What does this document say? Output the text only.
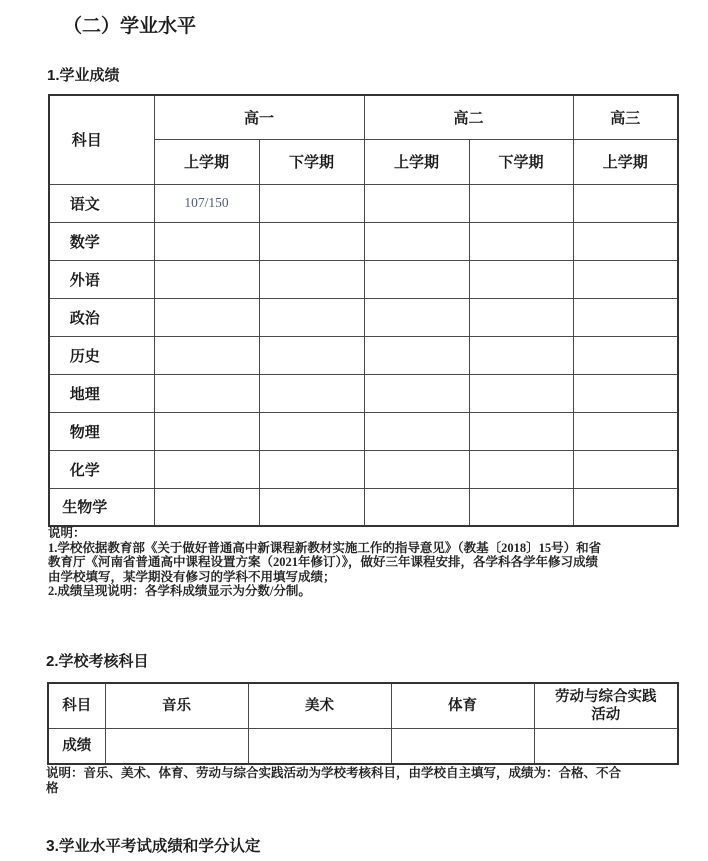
（二）学业水平
1.学业成绩
科目	高一		高二		高三
	上学期	下学期	上学期	下学期	上学期
语文	107/150				
数学					
外语					
政治					
历史					
地理					
物理					
化学					
生物学					
说明：
1.学校依据教育部《关于做好普通高中新课程新教材实施工作的指导意见》（教基〔2018〕15号）和省
教育厅《河南省普通高中课程设置方案（2021年修订）》，做好三年课程安排，各学科各学年修习成绩
由学校填写，某学期没有修习的学科不用填写成绩；
2.成绩呈现说明：各学科成绩显示为分数/分制。
2.学校考核科目
科目	音乐	美术	体育	劳动与综合实践
活动

成绩				
说明：音乐、美术、体育、劳动与综合实践活动为学校考核科目，由学校自主填写，成绩为：合格、不合
格
3.学业水平考试成绩和学分认定
